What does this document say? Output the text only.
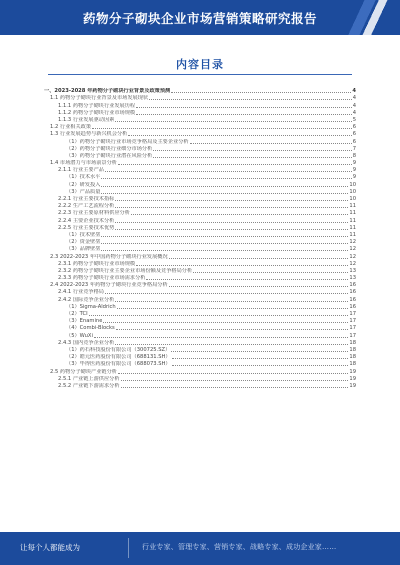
药物分子砌块企业市场营销策略研究报告
内容目录
一、2023-2028 年药物分子砌块行业背景及政策预测	4
1.1 药物分子砌块行业背景及市场发展现状	4
1.1.1 药物分子砌块行业发展历程	4
1.1.2 药物分子砌块行业市场规模	4
1.1.3 行业发展驱动因素	5
1.2 行业相关政策	6
1.3 行业发展趋势与新兴机会分析	6
（1）药物分子砌块行业市场竞争格局及主要企业分析	6
（2）药物分子砌块行业细分市场分析	7
（3）药物分子砌块行业潜在风险分析	8
1.4 市场潜力与市场前景分析	9
2.1.1 行业主要产品	9
（1）技术水平	9
（2）研发投入	10
（3）产品质量	10
2.2.1 行业主要技术指标	10
2.2.2 生产工艺流程分析	11
2.2.3 行业主要原材料供应分析	11
2.2.4 主要企业技术分析	11
2.2.5 行业主要技术优势	11
（1）技术壁垒	11
（2）资金壁垒	12
（3）品牌壁垒	12
2.3 2022-2023 年中国药物分子砌块行业发展概况	12
2.3.1 药物分子砌块行业市场规模	12
2.3.2 药物分子砌块行业主要企业市场份额及竞争格局分析	13
2.3.3 药物分子砌块行业市场需求分析	13
2.4 2022-2023 年药物分子砌块行业竞争格局分析	16
2.4.1 行业竞争格局	16
2.4.2 国际竞争企业分析	16
（1）Sigma-Aldrich	16
（2）TCI	17
（3）Enamine	17
（4）Combi-Blocks	17
（5）WuXi	17
2.4.3 国内竞争企业分析	18
（1）药石科技股份有限公司（300725.SZ）	18
（2）皓元医药股份有限公司（688131.SH）	18
（3）毕得医药股份有限公司（688073.SH）	18
2.5 药物分子砌块产业链分析	19
2.5.1 产业链上游供应分析	19
2.5.2 产业链下游需求分析	19
让每个人都能成为	行业专家、管理专家、营销专家、战略专家、成功企业家……
